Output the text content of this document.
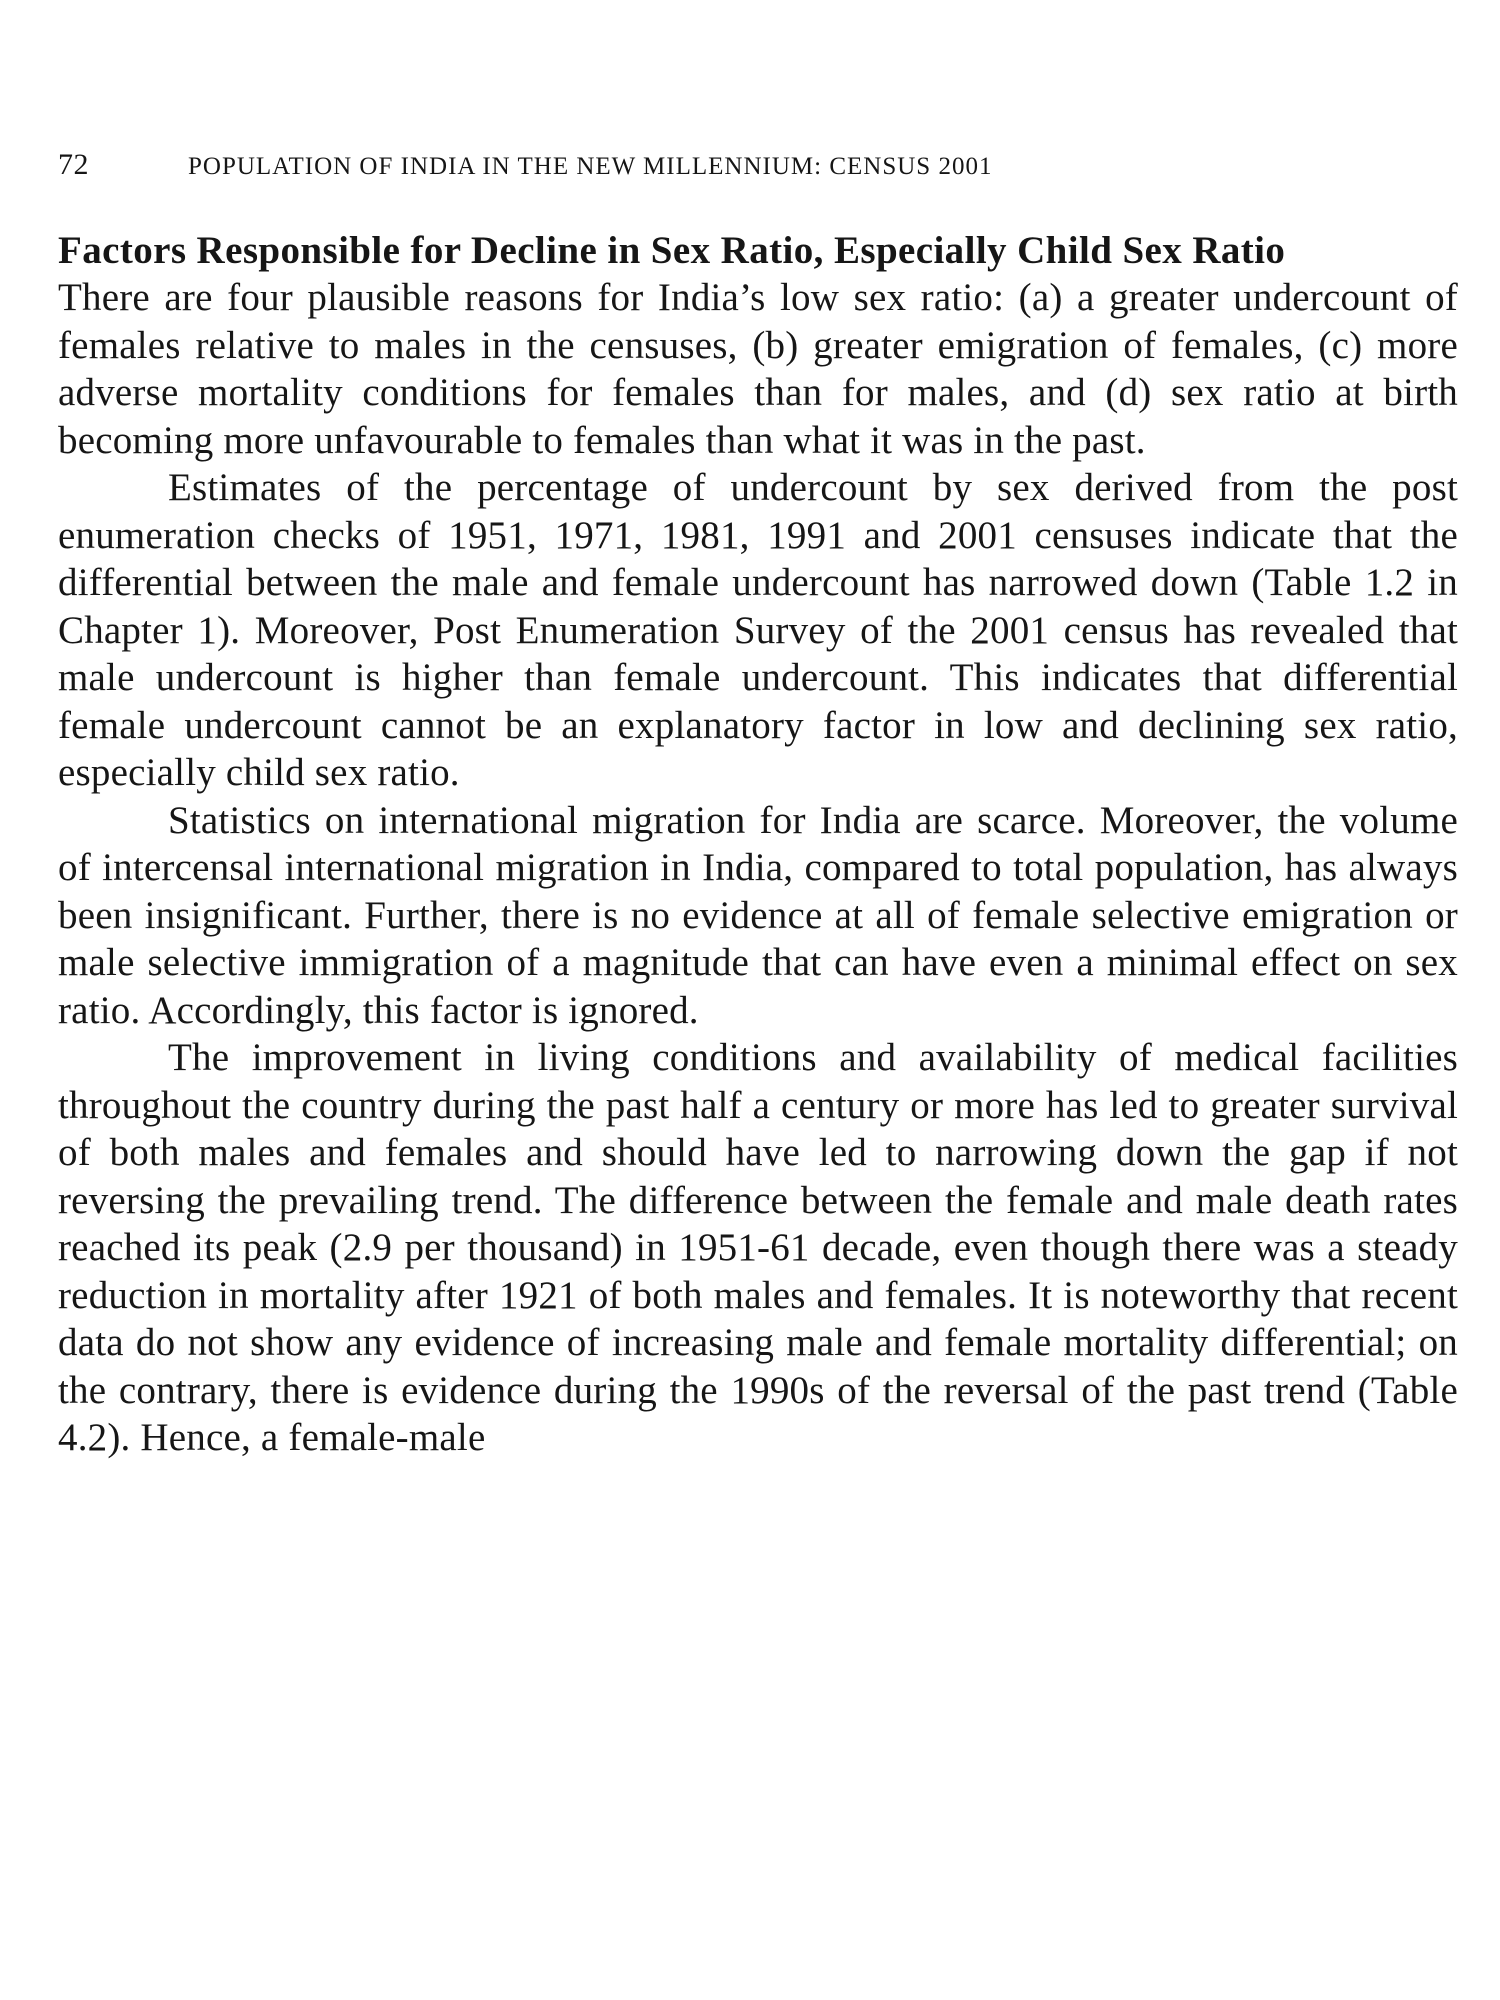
72	POPULATION OF INDIA IN THE NEW MILLENNIUM: CENSUS 2001
Factors Responsible for Decline in Sex Ratio, Especially Child Sex Ratio

There are four plausible reasons for India’s low sex ratio: (a) a greater undercount of females relative to males in the censuses, (b) greater emigration of females, (c) more adverse mortality conditions for females than for males, and (d) sex ratio at birth becoming more unfavourable to females than what it was in the past.

Estimates of the percentage of undercount by sex derived from the post enumeration checks of 1951, 1971, 1981, 1991 and 2001 censuses indicate that the differential between the male and female undercount has narrowed down (Table 1.2 in Chapter 1). Moreover, Post Enumeration Survey of the 2001 census has revealed that male undercount is higher than female undercount. This indicates that differential female undercount cannot be an explanatory factor in low and declining sex ratio, especially child sex ratio.

Statistics on international migration for India are scarce. Moreover, the volume of intercensal international migration in India, compared to total population, has always been insignificant. Further, there is no evidence at all of female selective emigration or male selective immigration of a magnitude that can have even a minimal effect on sex ratio. Accordingly, this factor is ignored.

The improvement in living conditions and availability of medical facilities throughout the country during the past half a century or more has led to greater survival of both males and females and should have led to narrowing down the gap if not reversing the prevailing trend. The difference between the female and male death rates reached its peak (2.9 per thousand) in 1951-61 decade, even though there was a steady reduction in mortality after 1921 of both males and females. It is noteworthy that recent data do not show any evidence of increasing male and female mortality differential; on the contrary, there is evidence during the 1990s of the reversal of the past trend (Table 4.2). Hence, a female-male
